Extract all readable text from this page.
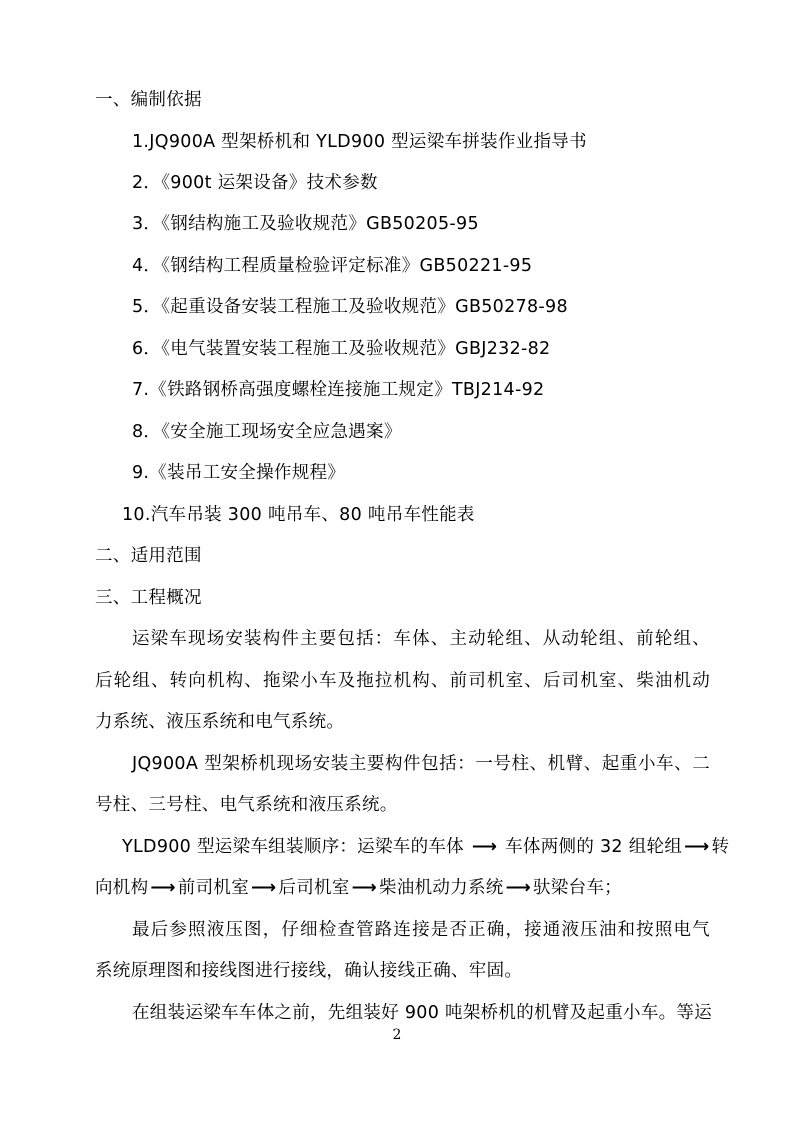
一、编制依据
1.JQ900A 型架桥机和 YLD900 型运梁车拼装作业指导书
2．《900t 运架设备》技术参数
3．《钢结构施工及验收规范》GB50205-95
4．《钢结构工程质量检验评定标准》GB50221-95
5．《起重设备安装工程施工及验收规范》GB50278-98
6．《电气装置安装工程施工及验收规范》GBJ232-82
7.《铁路钢桥高强度螺栓连接施工规定》TBJ214-92
8．《安全施工现场安全应急遇案》
9.《装吊工安全操作规程》
10.汽车吊装 300 吨吊车、80 吨吊车性能表
二、适用范围
三、工程概况
运梁车现场安装构件主要包括：车体、主动轮组、从动轮组、前轮组、
后轮组、转向机构、拖梁小车及拖拉机构、前司机室、后司机室、柴油机动
力系统、液压系统和电气系统。
JQ900A 型架桥机现场安装主要构件包括：一号柱、机臂、起重小车、二
号柱、三号柱、电气系统和液压系统。
YLD900 型运梁车组装顺序：运梁车的车体 ⟶ 车体两侧的 32 组轮组 ⟶ 转
向机构 ⟶ 前司机室 ⟶ 后司机室 ⟶ 柴油机动力系统 ⟶ 驮梁台车；
最后参照液压图，仔细检查管路连接是否正确，接通液压油和按照电气
系统原理图和接线图进行接线，确认接线正确、牢固。
在组装运梁车车体之前，先组装好 900 吨架桥机的机臂及起重小车。等运
2
